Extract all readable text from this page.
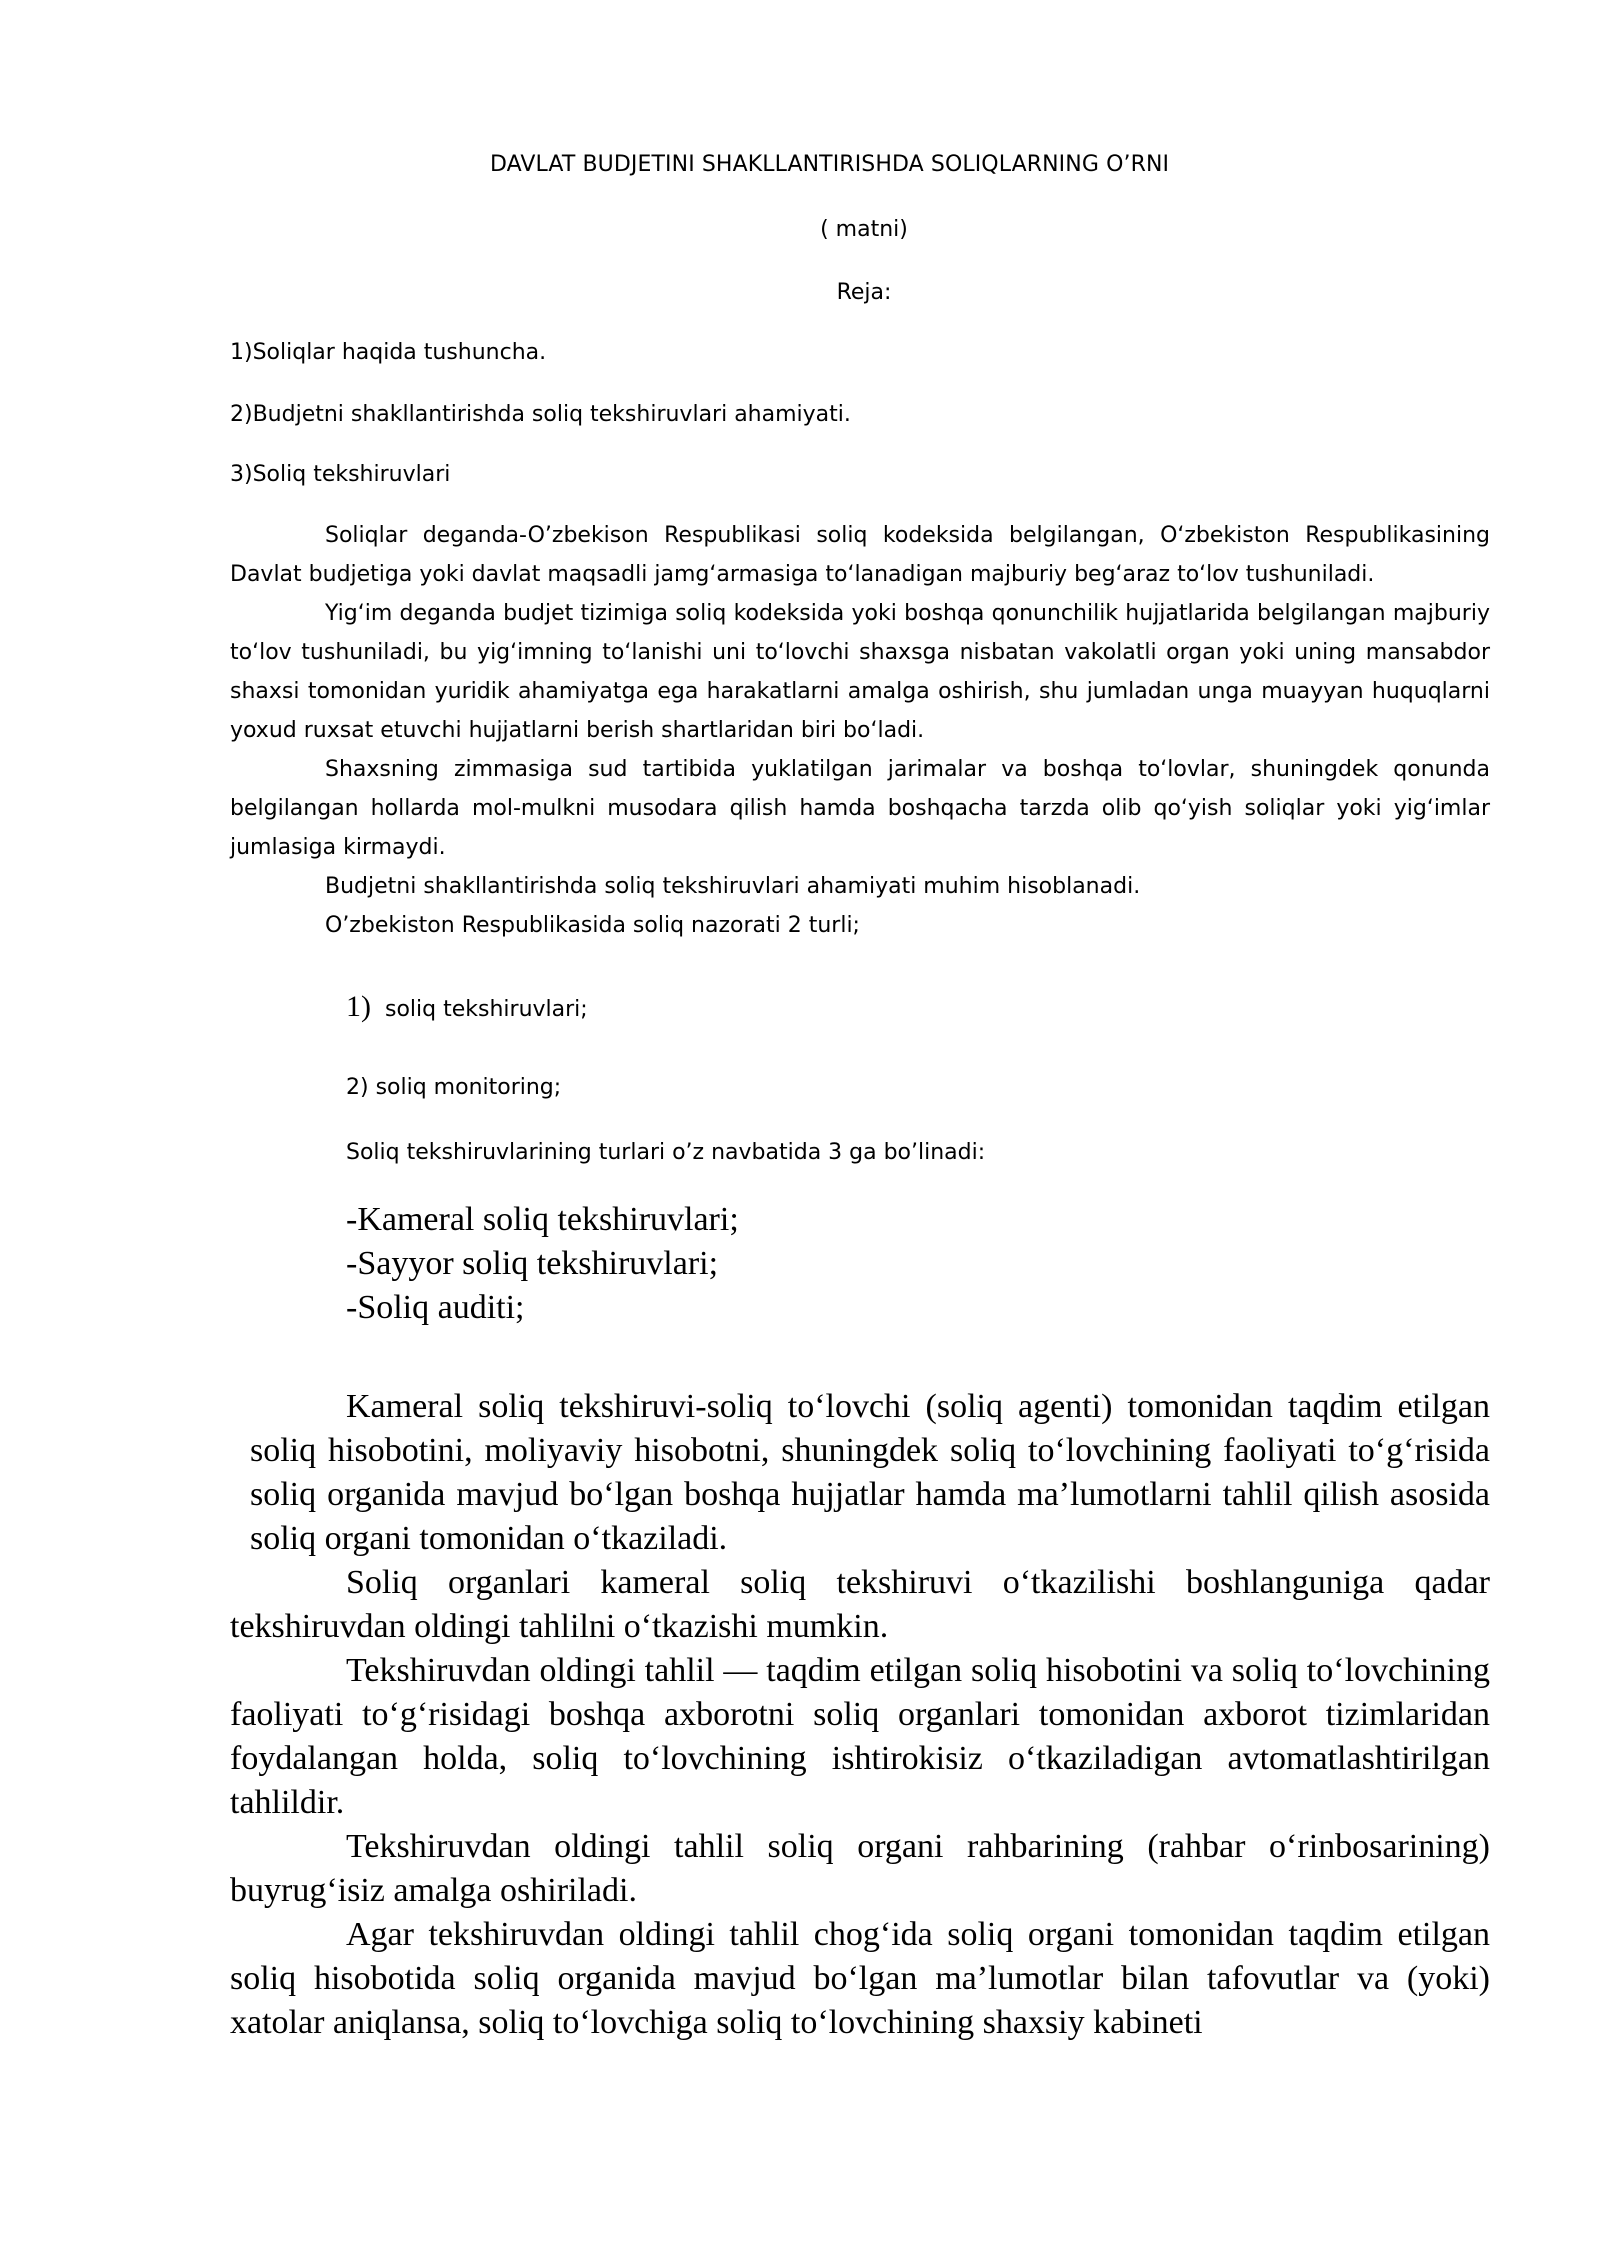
DAVLAT BUDJETINI SHAKLLANTIRISHDA SOLIQLARNING O’RNI
( matni)
Reja:
1)Soliqlar haqida tushuncha.
2)Budjetni shakllantirishda soliq tekshiruvlari ahamiyati.
3)Soliq tekshiruvlari

Soliqlar deganda-O’zbekison Respublikasi soliq kodeksida belgilangan, O‘zbekiston Respublikasining Davlat budjetiga yoki davlat maqsadli jamg‘armasiga to‘lanadigan majburiy beg‘araz to‘lov tushuniladi.

Yig‘im deganda budjet tizimiga soliq kodeksida yoki boshqa qonunchilik hujjatlarida belgilangan majburiy to‘lov tushuniladi, bu yig‘imning to‘lanishi uni to‘lovchi shaxsga nisbatan vakolatli organ yoki uning mansabdor shaxsi tomonidan yuridik ahamiyatga ega harakatlarni amalga oshirish, shu jumladan unga muayyan huquqlarni yoxud ruxsat etuvchi hujjatlarni berish shartlaridan biri bo‘ladi.

Shaxsning zimmasiga sud tartibida yuklatilgan jarimalar va boshqa to‘lovlar, shuningdek qonunda belgilangan hollarda mol-mulkni musodara qilish hamda boshqacha tarzda olib qo‘yish soliqlar yoki yig‘imlar jumlasiga kirmaydi.

Budjetni shakllantirishda soliq tekshiruvlari ahamiyati muhim hisoblanadi.

O’zbekiston Respublikasida soliq nazorati 2 turli;

1) soliq tekshiruvlari;
2) soliq monitoring;
Soliq tekshiruvlarining turlari o’z navbatida 3 ga bo’linadi:
-Kameral soliq tekshiruvlari;
-Sayyor soliq tekshiruvlari;
-Soliq auditi;

Kameral soliq tekshiruvi-soliq to‘lovchi (soliq agenti) tomonidan taqdim etilgan soliq hisobotini, moliyaviy hisobotni, shuningdek soliq to‘lovchining faoliyati to‘g‘risida soliq organida mavjud bo‘lgan boshqa hujjatlar hamda ma’lumotlarni tahlil qilish asosida soliq organi tomonidan o‘tkaziladi.

Soliq organlari kameral soliq tekshiruvi o‘tkazilishi boshlanguniga qadar tekshiruvdan oldingi tahlilni o‘tkazishi mumkin.

Tekshiruvdan oldingi tahlil — taqdim etilgan soliq hisobotini va soliq to‘lovchining faoliyati to‘g‘risidagi boshqa axborotni soliq organlari tomonidan axborot tizimlaridan foydalangan holda, soliq to‘lovchining ishtirokisiz o‘tkaziladigan avtomatlashtirilgan tahlildir.

Tekshiruvdan oldingi tahlil soliq organi rahbarining (rahbar o‘rinbosarining) buyrug‘isiz amalga oshiriladi.

Agar tekshiruvdan oldingi tahlil chog‘ida soliq organi tomonidan taqdim etilgan soliq hisobotida soliq organida mavjud bo‘lgan ma’lumotlar bilan tafovutlar va (yoki) xatolar aniqlansa, soliq to‘lovchiga soliq to‘lovchining shaxsiy kabineti
